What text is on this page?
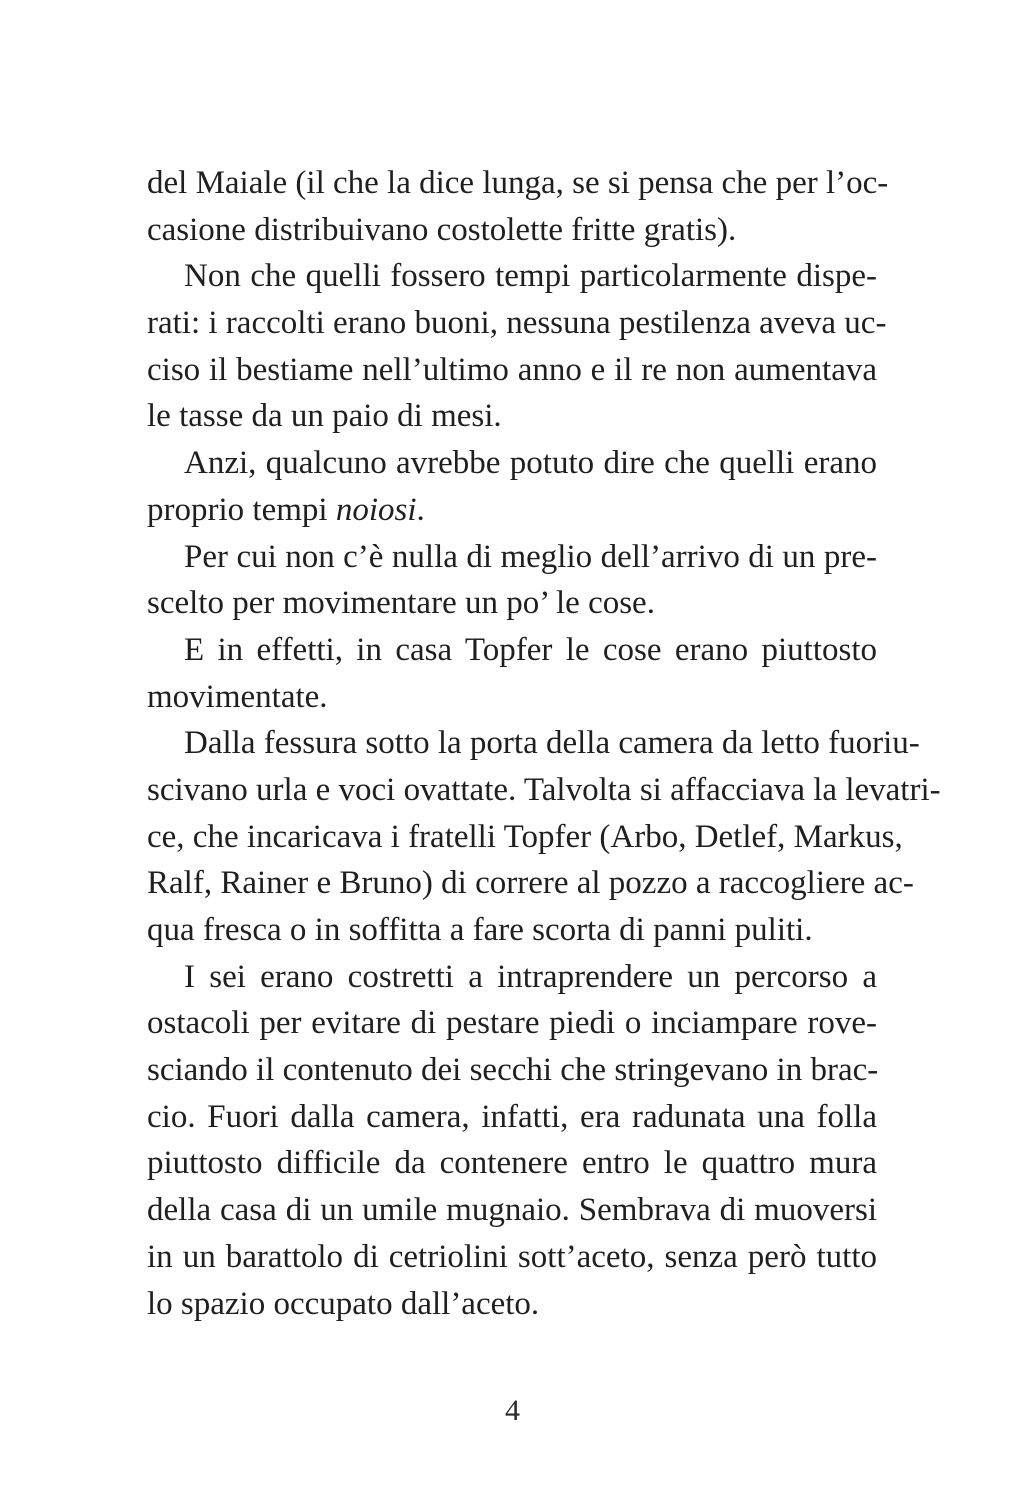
del Maiale (il che la dice lunga, se si pensa che per l’oc-
casione distribuivano costolette fritte gratis).
Non che quelli fossero tempi particolarmente dispe-
rati: i raccolti erano buoni, nessuna pestilenza aveva uc-
ciso il bestiame nell’ultimo anno e il re non aumentava
le tasse da un paio di mesi.
Anzi, qualcuno avrebbe potuto dire che quelli erano
proprio tempi noiosi.
Per cui non c’è nulla di meglio dell’arrivo di un pre-
scelto per movimentare un po’ le cose.
E in effetti, in casa Topfer le cose erano piuttosto
movimentate.
Dalla fessura sotto la porta della camera da letto fuoriu-
scivano urla e voci ovattate. Talvolta si affacciava la levatri-
ce, che incaricava i fratelli Topfer (Arbo, Detlef, Markus,
Ralf, Rainer e Bruno) di correre al pozzo a raccogliere ac-
qua fresca o in soffitta a fare scorta di panni puliti.
I sei erano costretti a intraprendere un percorso a
ostacoli per evitare di pestare piedi o inciampare rove-
sciando il contenuto dei secchi che stringevano in brac-
cio. Fuori dalla camera, infatti, era radunata una folla
piuttosto difficile da contenere entro le quattro mura
della casa di un umile mugnaio. Sembrava di muoversi
in un barattolo di cetriolini sott’aceto, senza però tutto
lo spazio occupato dall’aceto.
4
